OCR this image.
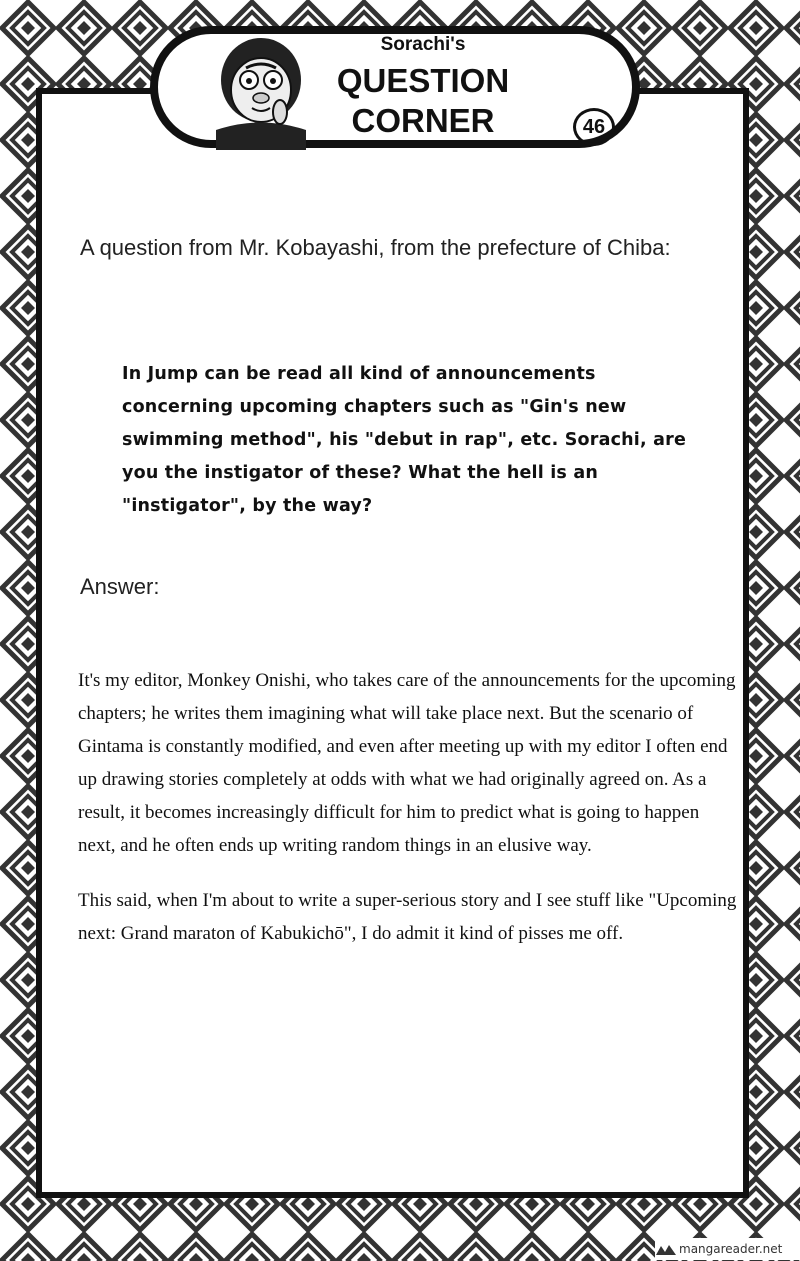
Sorachi's
QUESTION
CORNER	46
A question from Mr. Kobayashi, from the prefecture of Chiba:
In Jump can be read all kind of announcements concerning upcoming chapters such as "Gin's new swimming method", his "debut in rap", etc. Sorachi, are you the instigator of these? What the hell is an "instigator", by the way?
Answer:

It's my editor, Monkey Onishi, who takes care of the announcements for the upcoming chapters; he writes them imagining what will take place next. But the scenario of Gintama is constantly modified, and even after meeting up with my editor I often end up drawing stories completely at odds with what we had originally agreed on. As a result, it becomes increasingly difficult for him to predict what is going to happen next, and he often ends up writing random things in an elusive way.

This said, when I'm about to write a super-serious story and I see stuff like "Upcoming next: Grand maraton of Kabukichō", I do admit it kind of pisses me off.

mangareader.net
